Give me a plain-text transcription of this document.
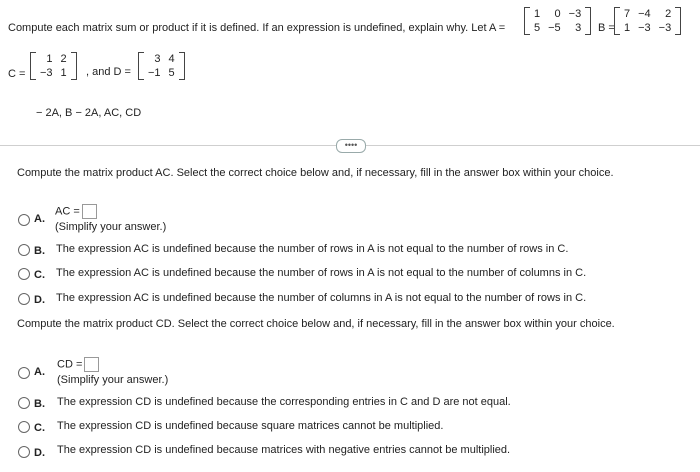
Compute each matrix sum or product if it is defined. If an expression is undefined, explain why. Let A =
1	0	−3
5	−5	3 B =
7	−4	2
1	−3	−3
C =
1	2
−3	1 , and D =
3	4
−1	5
− 2A, B − 2A, AC, CD
••••
Compute the matrix product AC. Select the correct choice below and, if necessary, fill in the answer box within your choice.
A.
AC =
(Simplify your answer.)
B. The expression AC is undefined because the number of rows in A is not equal to the number of rows in C.
C. The expression AC is undefined because the number of rows in A is not equal to the number of columns in C.
D. The expression AC is undefined because the number of columns in A is not equal to the number of rows in C.
Compute the matrix product CD. Select the correct choice below and, if necessary, fill in the answer box within your choice.
A.
CD =
(Simplify your answer.)
B. The expression CD is undefined because the corresponding entries in C and D are not equal.
C. The expression CD is undefined because square matrices cannot be multiplied.
D. The expression CD is undefined because matrices with negative entries cannot be multiplied.
